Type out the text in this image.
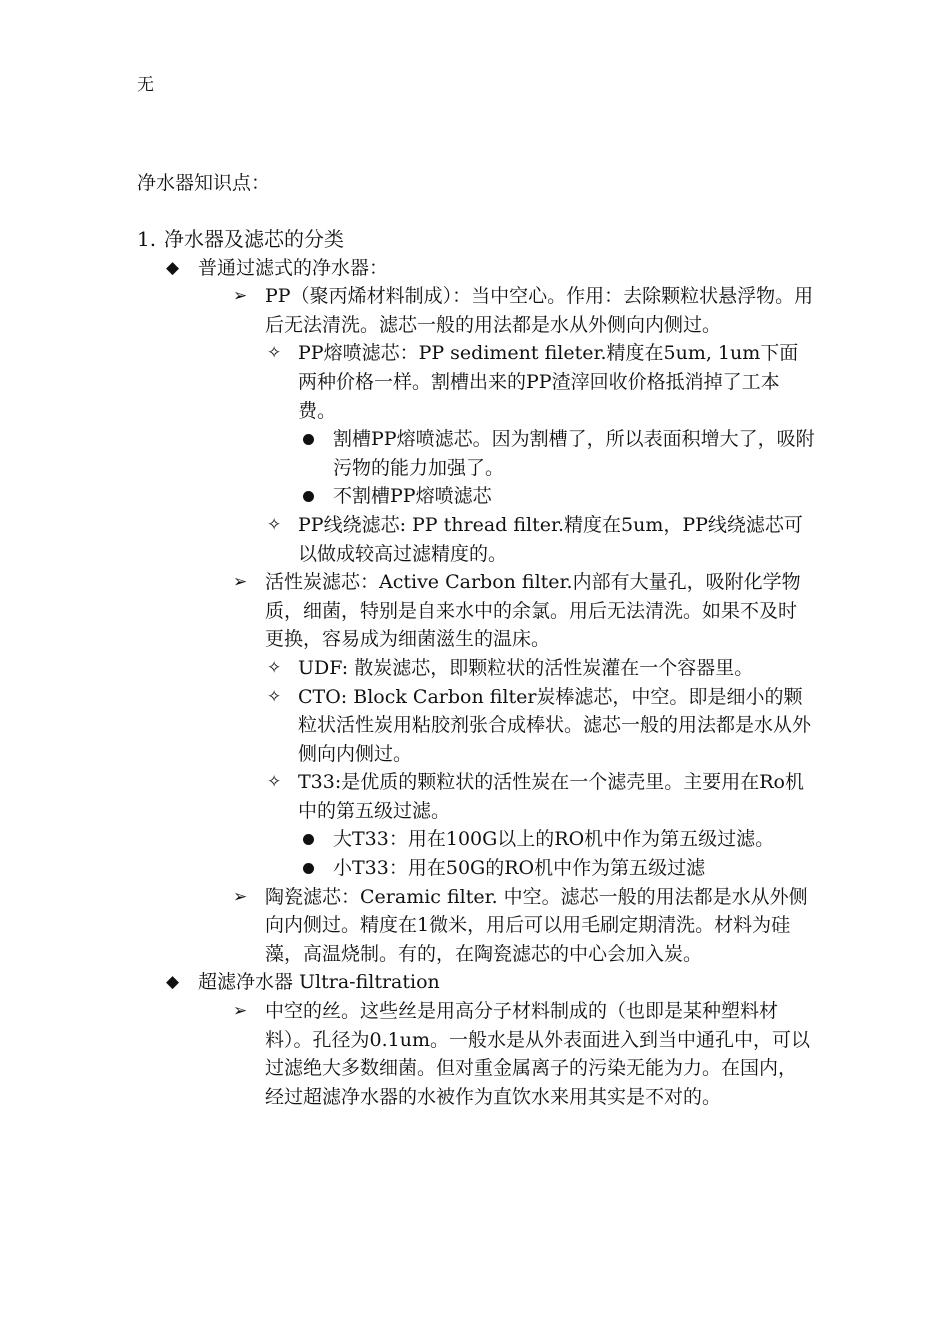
无
净水器知识点：
1. 净水器及滤芯的分类
◆ 普通过滤式的净水器：
➢ PP（聚丙烯材料制成）：当中空心。作用：去除颗粒状悬浮物。用后无法清洗。滤芯一般的用法都是水从外侧向内侧过。
✧ PP熔喷滤芯：PP sediment fileter.精度在5um, 1um下面两种价格一样。割槽出来的PP渣滓回收价格抵消掉了工本费。
割槽PP熔喷滤芯。因为割槽了，所以表面积增大了，吸附污物的能力加强了。
不割槽PP熔喷滤芯
✧ PP线绕滤芯: PP thread filter.精度在5um，PP线绕滤芯可以做成较高过滤精度的。
➢ 活性炭滤芯：Active Carbon filter.内部有大量孔，吸附化学物质，细菌，特别是自来水中的余氯。用后无法清洗。如果不及时更换，容易成为细菌滋生的温床。
✧ UDF: 散炭滤芯，即颗粒状的活性炭灌在一个容器里。
✧ CTO: Block Carbon filter炭棒滤芯，中空。即是细小的颗粒状活性炭用粘胶剂张合成棒状。滤芯一般的用法都是水从外侧向内侧过。
✧ T33:是优质的颗粒状的活性炭在一个滤壳里。主要用在Ro机中的第五级过滤。
大T33：用在100G以上的RO机中作为第五级过滤。
小T33：用在50G的RO机中作为第五级过滤
➢ 陶瓷滤芯：Ceramic filter. 中空。滤芯一般的用法都是水从外侧向内侧过。精度在1微米，用后可以用毛刷定期清洗。材料为硅藻，高温烧制。有的，在陶瓷滤芯的中心会加入炭。
◆ 超滤净水器 Ultra-filtration
➢ 中空的丝。这些丝是用高分子材料制成的（也即是某种塑料材料）。孔径为0.1um。一般水是从外表面进入到当中通孔中，可以过滤绝大多数细菌。但对重金属离子的污染无能为力。在国内，经过超滤净水器的水被作为直饮水来用其实是不对的。
